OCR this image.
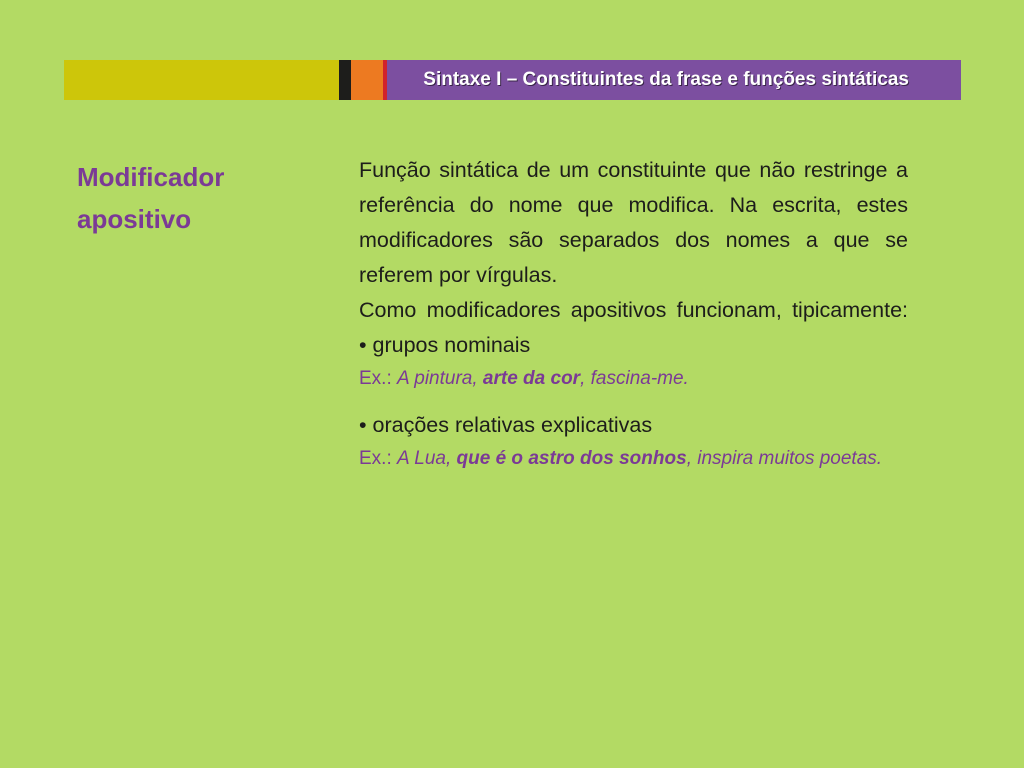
Sintaxe I – Constituintes da frase e funções sintáticas
Modificador
apositivo

Função sintática de um constituinte que não restringe a referência do nome que modifica. Na escrita, estes modificadores são separados dos nomes a que se referem por vírgulas.

Como modificadores apositivos funcionam, tipicamente:

• grupos nominais

Ex.: A pintura, arte da cor, fascina-me.

• orações relativas explicativas

Ex.: A Lua, que é o astro dos sonhos, inspira muitos poetas.
